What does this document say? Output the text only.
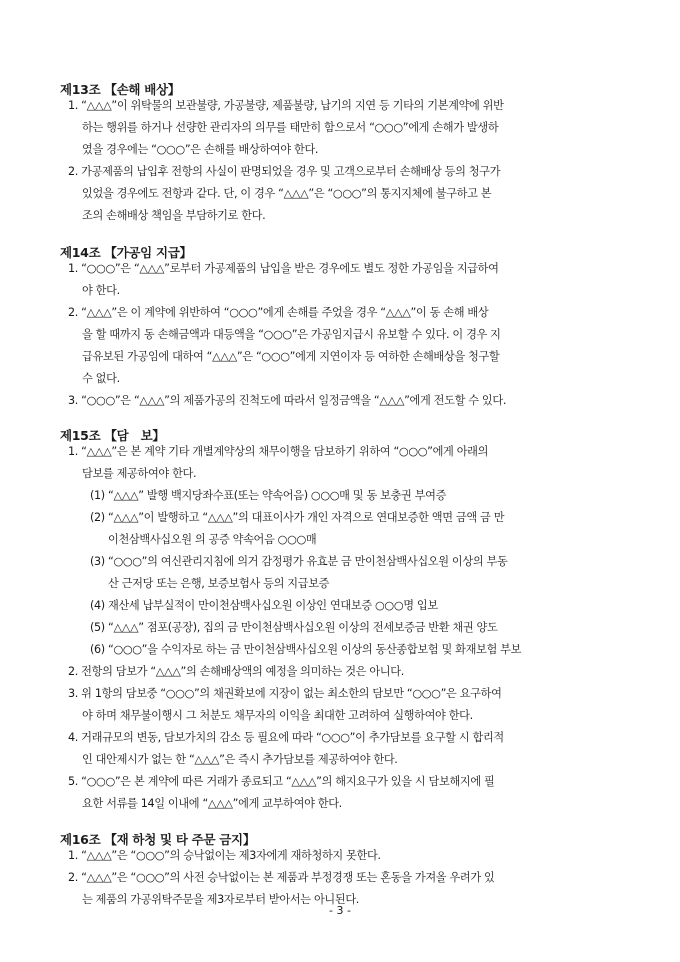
제13조 【손해 배상】
1. “△△△”이 위탁물의 보관불량, 가공불량, 제품불량, 납기의 지연 등 기타의 기본계약에 위반
하는 행위를 하거나 선량한 관리자의 의무를 태만히 함으로서 “○○○”에게 손해가 발생하
였을 경우에는 “○○○”은 손해를 배상하여야 한다.
2. 가공제품의 납입후 전항의 사실이 판명되었을 경우 및 고객으로부터 손해배상 등의 청구가
있었을 경우에도 전항과 같다. 단, 이 경우 “△△△”은 “○○○”의 통지지체에 불구하고 본
조의 손해배상 책임을 부담하기로 한다.
제14조 【가공임 지급】
1. “○○○”은 “△△△”로부터 가공제품의 납입을 받은 경우에도 별도 정한 가공임을 지급하여
야 한다.
2. “△△△”은 이 계약에 위반하여 “○○○”에게 손해를 주었을 경우 “△△△”이 동 손해 배상
을 할 때까지 동 손해금액과 대등액을 “○○○”은 가공임지급시 유보할 수 있다. 이 경우 지
급유보된 가공임에 대하여 “△△△”은 “○○○”에게 지연이자 등 여하한 손해배상을 청구할
수 없다.
3. “○○○”은 “△△△”의 제품가공의 진척도에 따라서 일정금액을 “△△△”에게 전도할 수 있다.
제15조 【담　보】
1. “△△△”은 본 계약 기타 개별계약상의 채무이행을 담보하기 위하여 “○○○”에게 아래의
담보를 제공하여야 한다.
(1) “△△△” 발행 백지당좌수표(또는 약속어음) ○○○매 및 동 보충권 부여증
(2) “△△△”이 발행하고 “△△△”의 대표이사가 개인 자격으로 연대보증한 액면 금액 금 만
이천삼백사십오원 의 공증 약속어음 ○○○매
(3) “○○○”의 여신관리지침에 의거 감정평가 유효분 금 만이천삼백사십오원 이상의 부동
산 근저당 또는 은행, 보증보험사 등의 지급보증
(4) 재산세 납부실적이 만이천삼백사십오원 이상인 연대보증 ○○○명 입보
(5) “△△△” 점포(공장), 집의 금 만이천삼백사십오원 이상의 전세보증금 반환 채권 양도
(6) “○○○”을 수익자로 하는 금 만이천삼백사십오원 이상의 동산종합보험 및 화재보험 부보
2. 전항의 담보가 “△△△”의 손해배상액의 예정을 의미하는 것은 아니다.
3. 위 1항의 담보중 “○○○”의 채권확보에 지장이 없는 최소한의 담보만 “○○○”은 요구하여
야 하며 채무불이행시 그 처분도 채무자의 이익을 최대한 고려하여 실행하여야 한다.
4. 거래규모의 변동, 담보가치의 감소 등 필요에 따라 “○○○”이 추가담보를 요구할 시 합리적
인 대안제시가 없는 한 “△△△”은 즉시 추가담보를 제공하여야 한다.
5. “○○○”은 본 계약에 따른 거래가 종료되고 “△△△”의 해지요구가 있을 시 담보해지에 필
요한 서류를 14일 이내에 “△△△”에게 교부하여야 한다.
제16조 【재 하청 및 타 주문 금지】
1. “△△△”은 “○○○”의 승낙없이는 제3자에게 재하청하지 못한다.
2. “△△△”은 “○○○”의 사전 승낙없이는 본 제품과 부정경쟁 또는 혼동을 가져올 우려가 있
는 제품의 가공위탁주문을 제3자로부터 받아서는 아니된다.
- 3 -
